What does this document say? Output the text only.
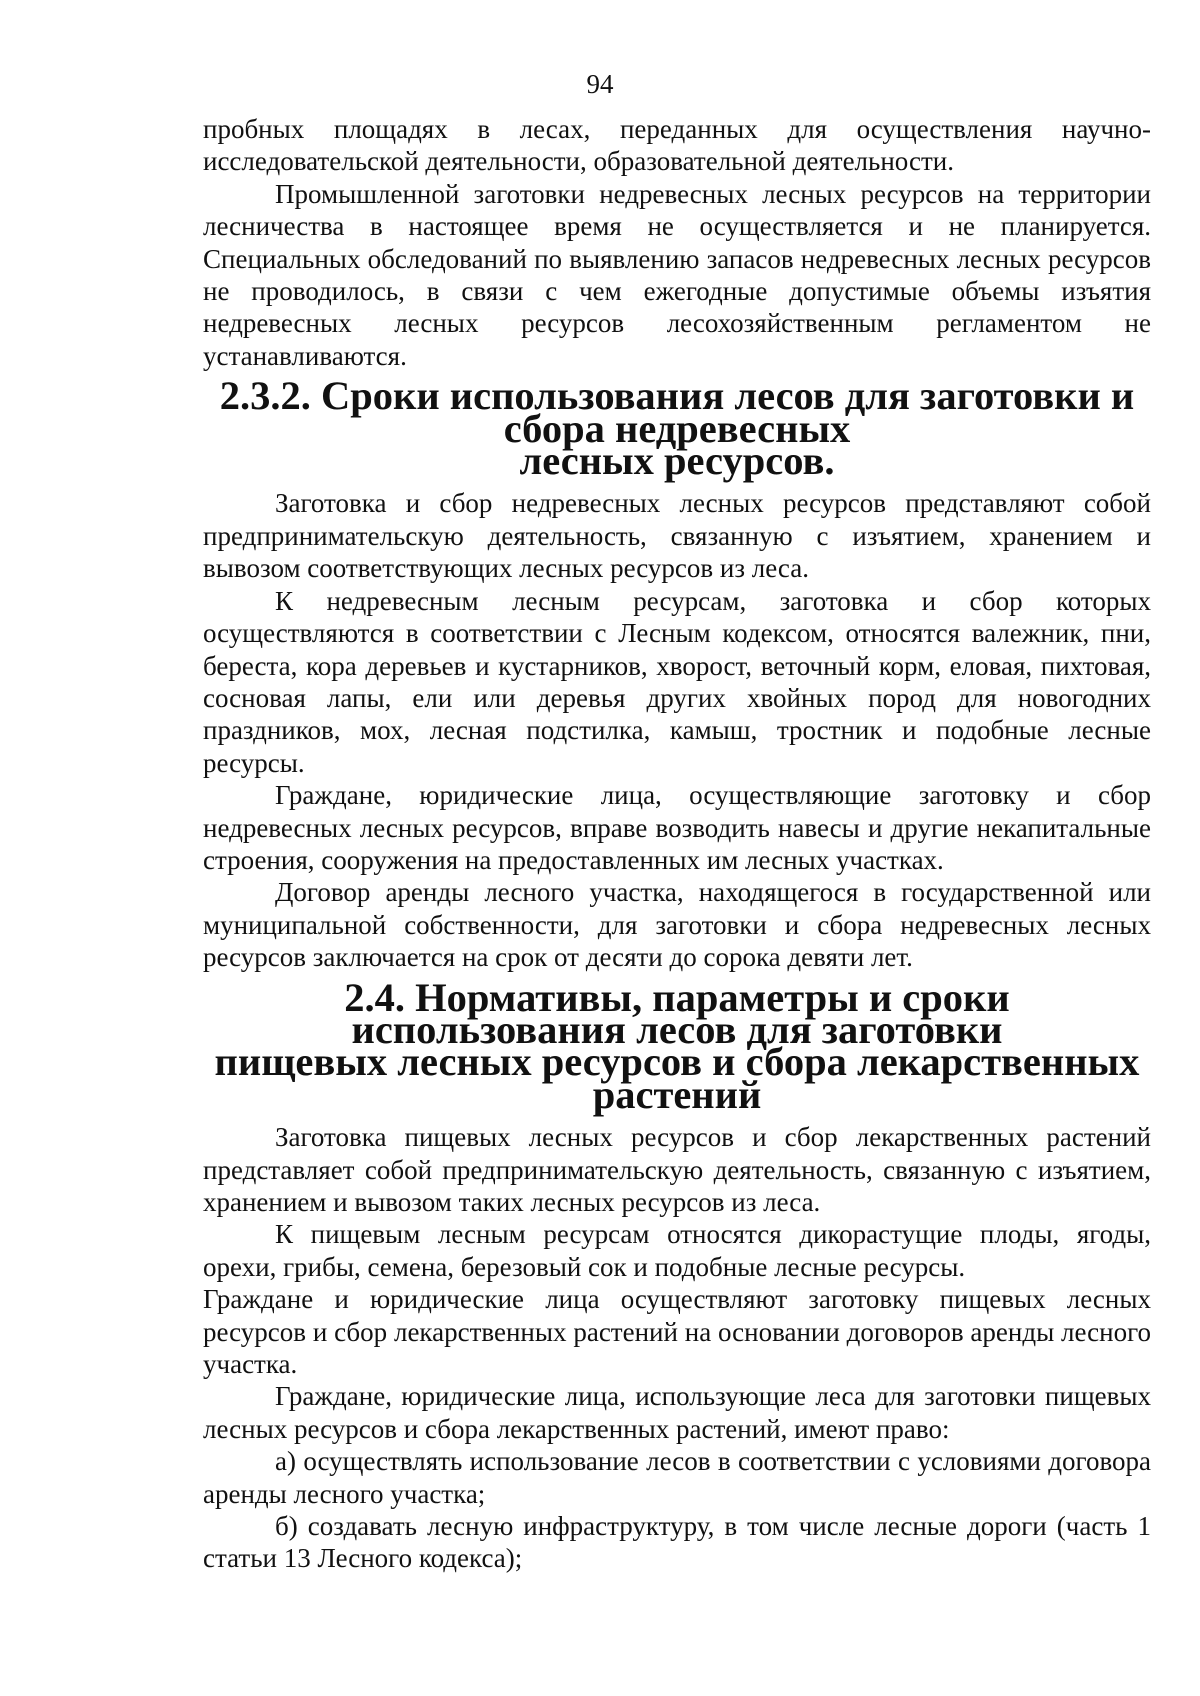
94

пробных площадях в лесах, переданных для осуществления научно-исследовательской деятельности, образовательной деятельности.

Промышленной заготовки недревесных лесных ресурсов на территории лесничества в настоящее время не осуществляется и не планируется. Специальных обследований по выявлению запасов недревесных лесных ресурсов не проводилось, в связи с чем ежегодные допустимые объемы изъятия недревесных лесных ресурсов лесохозяйственным регламентом не устанавливаются.

2.3.2. Сроки использования лесов для заготовки и сбора недревесных
лесных ресурсов.

Заготовка и сбор недревесных лесных ресурсов представляют собой предпринимательскую деятельность, связанную с изъятием, хранением и вывозом соответствующих лесных ресурсов из леса.

К недревесным лесным ресурсам, заготовка и сбор которых осуществляются в соответствии с Лесным кодексом, относятся валежник, пни, береста, кора деревьев и кустарников, хворост, веточный корм, еловая, пихтовая, сосновая лапы, ели или деревья других хвойных пород для новогодних праздников, мох, лесная подстилка, камыш, тростник и подобные лесные ресурсы.

Граждане, юридические лица, осуществляющие заготовку и сбор недревесных лесных ресурсов, вправе возводить навесы и другие некапитальные строения, сооружения на предоставленных им лесных участках.

Договор аренды лесного участка, находящегося в государственной или муниципальной собственности, для заготовки и сбора недревесных лесных ресурсов заключается на срок от десяти до сорока девяти лет.

2.4. Нормативы, параметры и сроки использования лесов для заготовки
пищевых лесных ресурсов и сбора лекарственных растений

Заготовка пищевых лесных ресурсов и сбор лекарственных растений представляет собой предпринимательскую деятельность, связанную с изъятием, хранением и вывозом таких лесных ресурсов из леса.

К пищевым лесным ресурсам относятся дикорастущие плоды, ягоды, орехи, грибы, семена, березовый сок и подобные лесные ресурсы.

Граждане и юридические лица осуществляют заготовку пищевых лесных ресурсов и сбор лекарственных растений на основании договоров аренды лесного участка.

Граждане, юридические лица, использующие леса для заготовки пищевых лесных ресурсов и сбора лекарственных растений, имеют право:

а) осуществлять использование лесов в соответствии с условиями договора аренды лесного участка;

б) создавать лесную инфраструктуру, в том числе лесные дороги (часть 1 статьи 13 Лесного кодекса);
